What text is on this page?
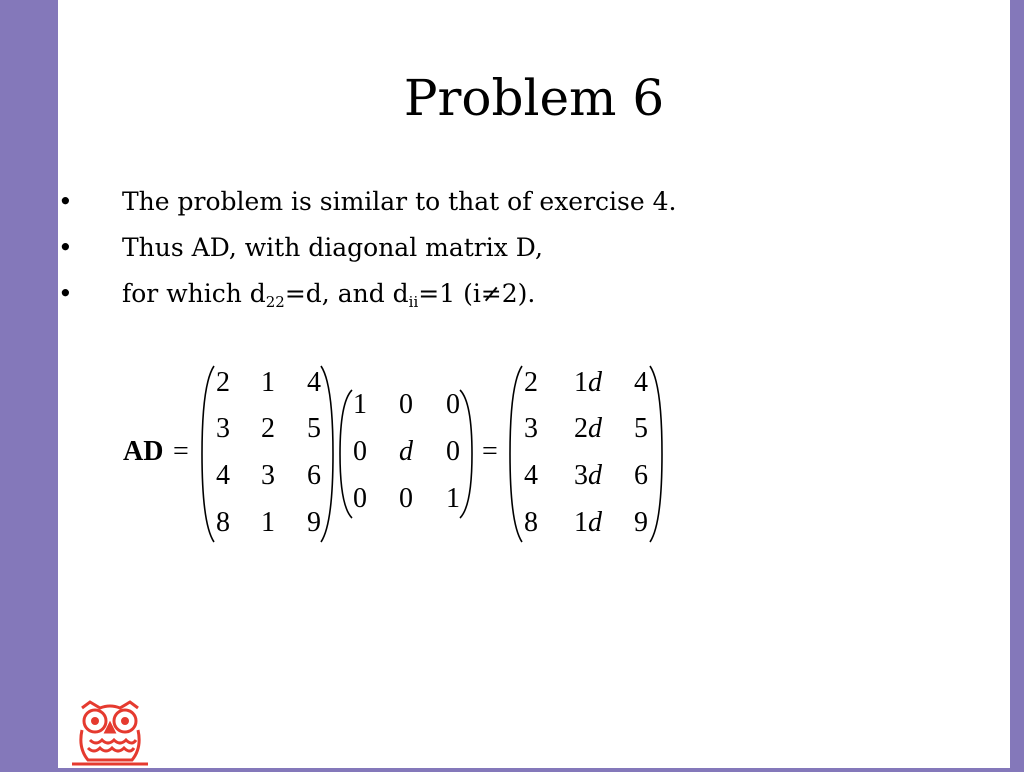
Problem 6
• The problem is similar to that of exercise 4.
• Thus AD, with diagonal matrix D,
• for which $d_{22}=d$, and $d_{ii}=1$ (i≠2).
AD =	=
2	1	4
3	2	5
4	3	6
8	1	9
1	0	0
0	d	0
0	0	1
2	1d	4
3	2d	5
4	3d	6
8	1d	9
